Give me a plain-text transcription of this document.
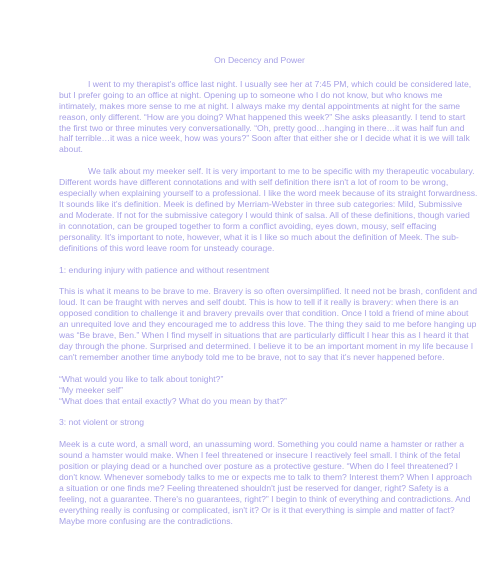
On Decency and Power

I went to my therapist's office last night. I usually see her at 7:45 PM, which could be considered late, but I prefer going to an office at night. Opening up to someone who I do not know, but who knows me intimately, makes more sense to me at night. I always make my dental appointments at night for the same reason, only different. “How are you doing? What happened this week?” She asks pleasantly. I tend to start the first two or three minutes very conversationally. “Oh, pretty good…hanging in there…it was half fun and half terrible…it was a nice week, how was yours?” Soon after that either she or I decide what it is we will talk about.

We talk about my meeker self. It is very important to me to be specific with my therapeutic vocabulary. Different words have different connotations and with self definition there isn't a lot of room to be wrong, especially when explaining yourself to a professional. I like the word meek because of its straight forwardness. It sounds like it's definition. Meek is defined by Merriam-Webster in three sub categories: Mild, Submissive and Moderate. If not for the submissive category I would think of salsa. All of these definitions, though varied in connotation, can be grouped together to form a conflict avoiding, eyes down, mousy, self effacing personality. It's important to note, however, what it is I like so much about the definition of Meek. The sub-definitions of this word leave room for unsteady courage.

1: enduring injury with patience and without resentment

This is what it means to be brave to me. Bravery is so often oversimplified. It need not be brash, confident and loud. It can be fraught with nerves and self doubt. This is how to tell if it really is bravery: when there is an opposed condition to challenge it and bravery prevails over that condition. Once I told a friend of mine about an unrequited love and they encouraged me to address this love. The thing they said to me before hanging up was “Be brave, Ben.” When I find myself in situations that are particularly difficult I hear this as I heard it that day through the phone. Surprised and determined. I believe it to be an important moment in my life because I can't remember another time anybody told me to be brave, not to say that it's never happened before.

“What would you like to talk about tonight?”

“My meeker self”

“What does that entail exactly? What do you mean by that?”

3: not violent or strong

Meek is a cute word, a small word, an unassuming word. Something you could name a hamster or rather a sound a hamster would make. When I feel threatened or insecure I reactively feel small. I think of the fetal position or playing dead or a hunched over posture as a protective gesture. “When do I feel threatened? I don't know. Whenever somebody talks to me or expects me to talk to them? Interest them? When I approach a situation or one finds me? Feeling threatened shouldn't just be reserved for danger, right? Safety is a feeling, not a guarantee. There's no guarantees, right?” I begin to think of everything and contradictions. And everything really is confusing or complicated, isn't it? Or is it that everything is simple and matter of fact? Maybe more confusing are the contradictions.
